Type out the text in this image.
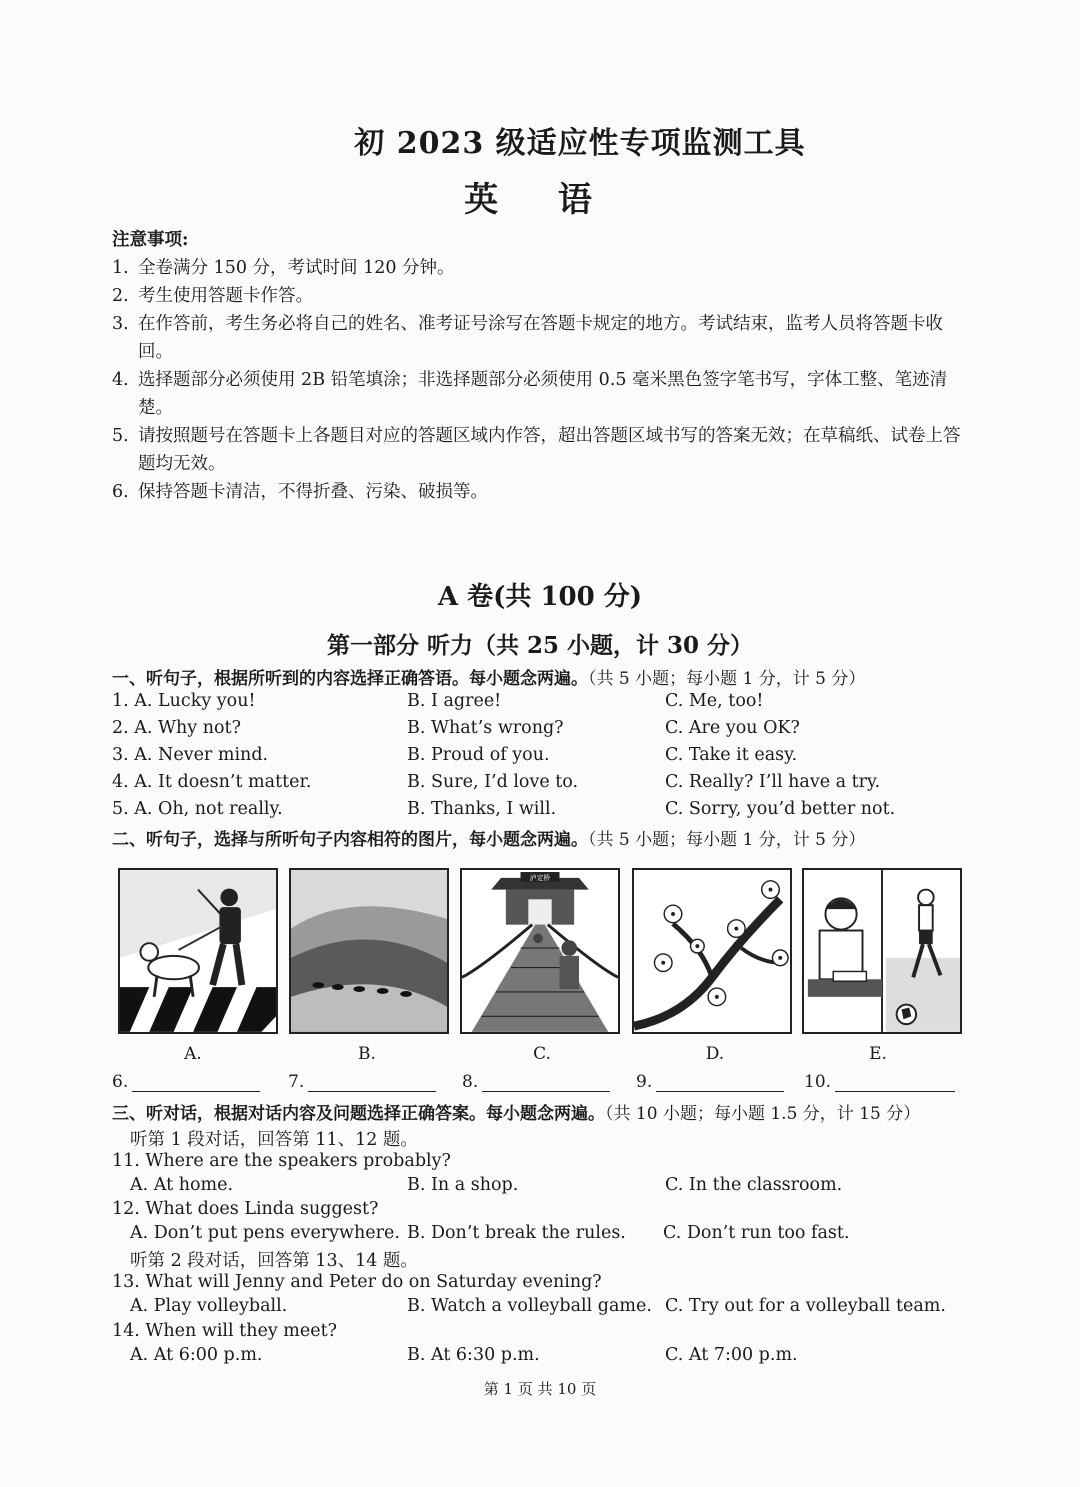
初 2023 级适应性专项监测工具
英 语
注意事项:
1. 全卷满分 150 分，考试时间 120 分钟。
2. 考生使用答题卡作答。
3. 在作答前，考生务必将自己的姓名、准考证号涂写在答题卡规定的地方。考试结束，监考人员将答题卡收回。
4. 选择题部分必须使用 2B 铅笔填涂；非选择题部分必须使用 0.5 毫米黑色签字笔书写，字体工整、笔迹清楚。
5. 请按照题号在答题卡上各题目对应的答题区域内作答，超出答题区域书写的答案无效；在草稿纸、试卷上答题均无效。
6. 保持答题卡清洁，不得折叠、污染、破损等。
A 卷(共 100 分)
第一部分 听力（共 25 小题，计 30 分）
一、听句子，根据所听到的内容选择正确答语。每小题念两遍。（共 5 小题；每小题 1 分，计 5 分）
1. A. Lucky you!	B. I agree!	C. Me, too!
2. A. Why not?	B. What’s wrong?	C. Are you OK?
3. A. Never mind.	B. Proud of you.	C. Take it easy.
4. A. It doesn’t matter.	B. Sure, I’d love to.	C. Really? I’ll have a try.
5. A. Oh, not really.	B. Thanks, I will.	C. Sorry, you’d better not.
二、听句子，选择与所听句子内容相符的图片，每小题念两遍。（共 5 小题；每小题 1 分，计 5 分）
A.	B.
泸定桥
C.	D.	E.
6.	7.	8.	9.	10.
三、听对话，根据对话内容及问题选择正确答案。每小题念两遍。（共 10 小题；每小题 1.5 分，计 15 分）
听第 1 段对话，回答第 11、12 题。
11. Where are the speakers probably?
A. At home.	B. In a shop.	C. In the classroom.
12. What does Linda suggest?
A. Don’t put pens everywhere. B. Don’t break the rules. C. Don’t run too fast.
听第 2 段对话，回答第 13、14 题。
13. What will Jenny and Peter do on Saturday evening?
A. Play volleyball.	B. Watch a volleyball game. C. Try out for a volleyball team.
14. When will they meet?
A. At 6:00 p.m.	B. At 6:30 p.m.	C. At 7:00 p.m.
第 1 页 共 10 页
